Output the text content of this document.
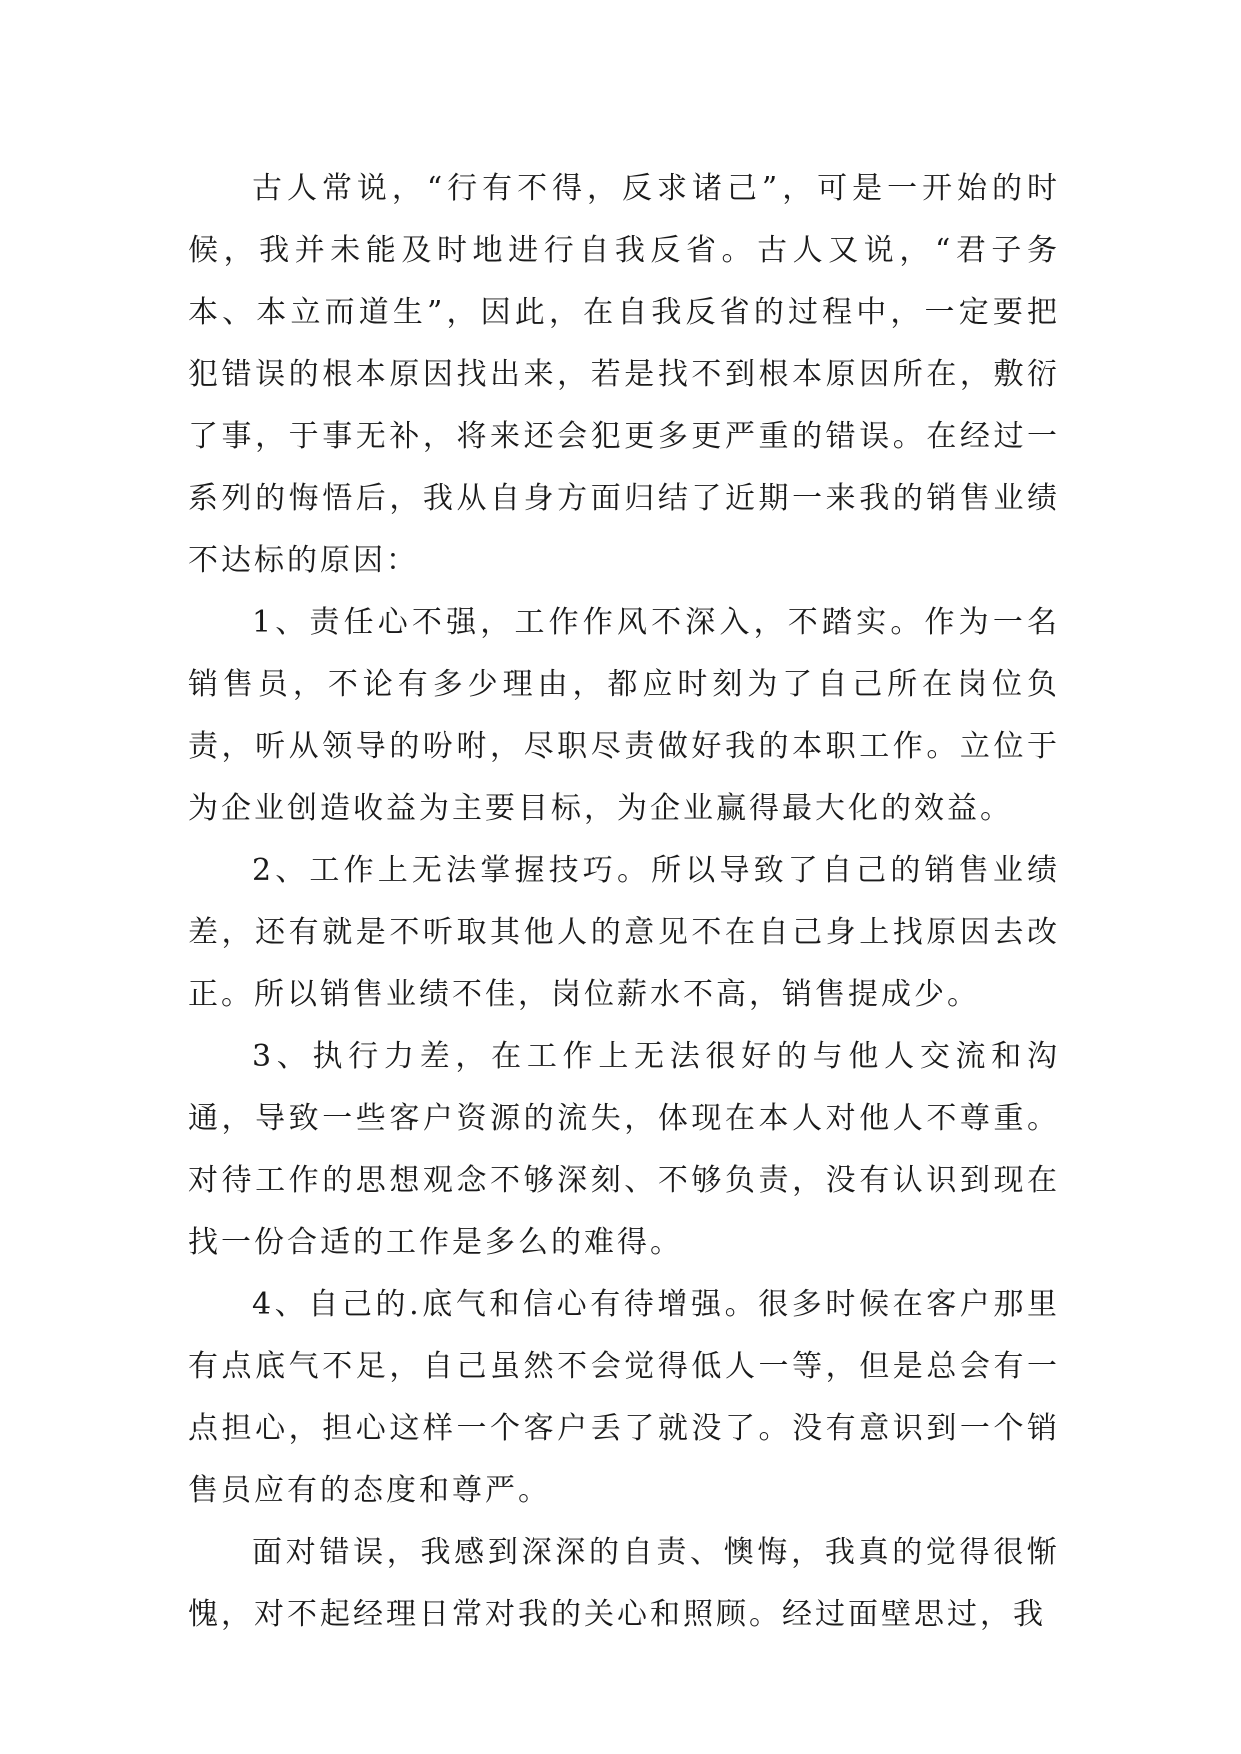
古人常说，“行有不得，反求诸己”，可是一开始的时候，我并未能及时地进行自我反省。古人又说，“君子务本、本立而道生”，因此，在自我反省的过程中，一定要把犯错误的根本原因找出来，若是找不到根本原因所在，敷衍了事，于事无补，将来还会犯更多更严重的错误。在经过一系列的悔悟后，我从自身方面归结了近期一来我的销售业绩不达标的原因：

1、责任心不强，工作作风不深入，不踏实。作为一名销售员，不论有多少理由，都应时刻为了自己所在岗位负责，听从领导的吩咐，尽职尽责做好我的本职工作。立位于为企业创造收益为主要目标，为企业赢得最大化的效益。

2、工作上无法掌握技巧。所以导致了自己的销售业绩差，还有就是不听取其他人的意见不在自己身上找原因去改正。所以销售业绩不佳，岗位薪水不高，销售提成少。

3、执行力差，在工作上无法很好的与他人交流和沟通，导致一些客户资源的流失，体现在本人对他人不尊重。对待工作的思想观念不够深刻、不够负责，没有认识到现在找一份合适的工作是多么的难得。

4、自己的.底气和信心有待增强。很多时候在客户那里有点底气不足，自己虽然不会觉得低人一等，但是总会有一点担心，担心这样一个客户丢了就没了。没有意识到一个销售员应有的态度和尊严。

面对错误，我感到深深的自责、懊悔，我真的觉得很惭愧，对不起经理日常对我的关心和照顾。经过面壁思过，我
